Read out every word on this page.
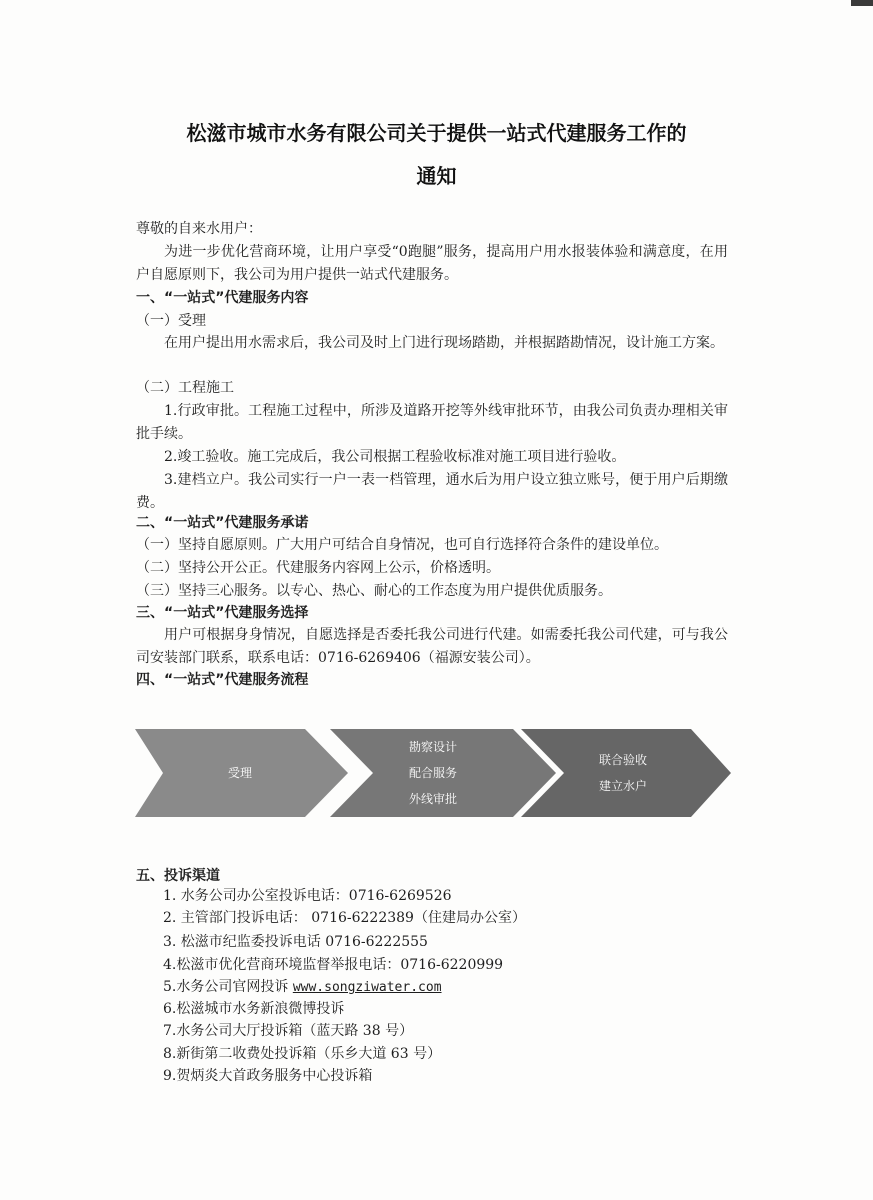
松滋市城市水务有限公司关于提供一站式代建服务工作的
通知
尊敬的自来水用户：
为进一步优化营商环境，让用户享受“0跑腿”服务，提高用户用水报装体验和满意度，在用户自愿原则下，我公司为用户提供一站式代建服务。
一、“一站式”代建服务内容
（一）受理
在用户提出用水需求后，我公司及时上门进行现场踏勘，并根据踏勘情况，设计施工方案。
（二）工程施工
1.行政审批。工程施工过程中，所涉及道路开挖等外线审批环节，由我公司负责办理相关审批手续。
2.竣工验收。施工完成后，我公司根据工程验收标准对施工项目进行验收。
3.建档立户。我公司实行一户一表一档管理，通水后为用户设立独立账号，便于用户后期缴费。
二、“一站式”代建服务承诺
（一）坚持自愿原则。广大用户可结合自身情况，也可自行选择符合条件的建设单位。
（二）坚持公开公正。代建服务内容网上公示，价格透明。
（三）坚持三心服务。以专心、热心、耐心的工作态度为用户提供优质服务。
三、“一站式”代建服务选择
用户可根据身身情况，自愿选择是否委托我公司进行代建。如需委托我公司代建，可与我公司安装部门联系，联系电话：0716-6269406（福源安装公司）。
四、“一站式”代建服务流程
受理
勘察设计
配合服务
外线审批
联合验收
建立水户
五、投诉渠道
1. 水务公司办公室投诉电话：0716-6269526
2. 主管部门投诉电话： 0716-6222389（住建局办公室）
3. 松滋市纪监委投诉电话 0716-6222555
4.松滋市优化营商环境监督举报电话：0716-6220999
5.水务公司官网投诉 www.songziwater.com
6.松滋城市水务新浪微博投诉
7.水务公司大厅投诉箱（蓝天路 38 号）
8.新街第二收费处投诉箱（乐乡大道 63 号）
9.贺炳炎大首政务服务中心投诉箱
